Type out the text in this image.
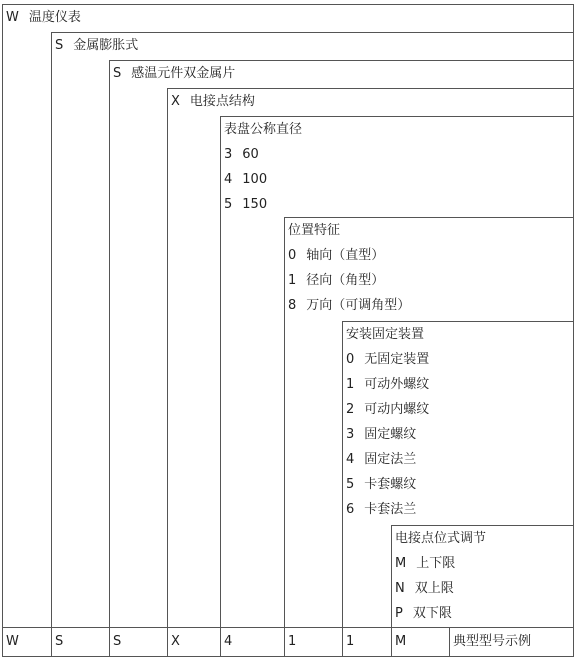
W 温度仪表
S 金属膨胀式
S 感温元件双金属片
X 电接点结构
表盘公称直径
3 60
4 100
5 150
位置特征
0 轴向（直型）
1 径向（角型）
8 万向（可调角型）
安装固定装置
0 无固定装置
1 可动外螺纹
2 可动内螺纹
3 固定螺纹
4 固定法兰
5 卡套螺纹
6 卡套法兰
电接点位式调节
M 上下限
N 双上限
P 双下限
W	S	S	X	4	1	1	M	典型型号示例
